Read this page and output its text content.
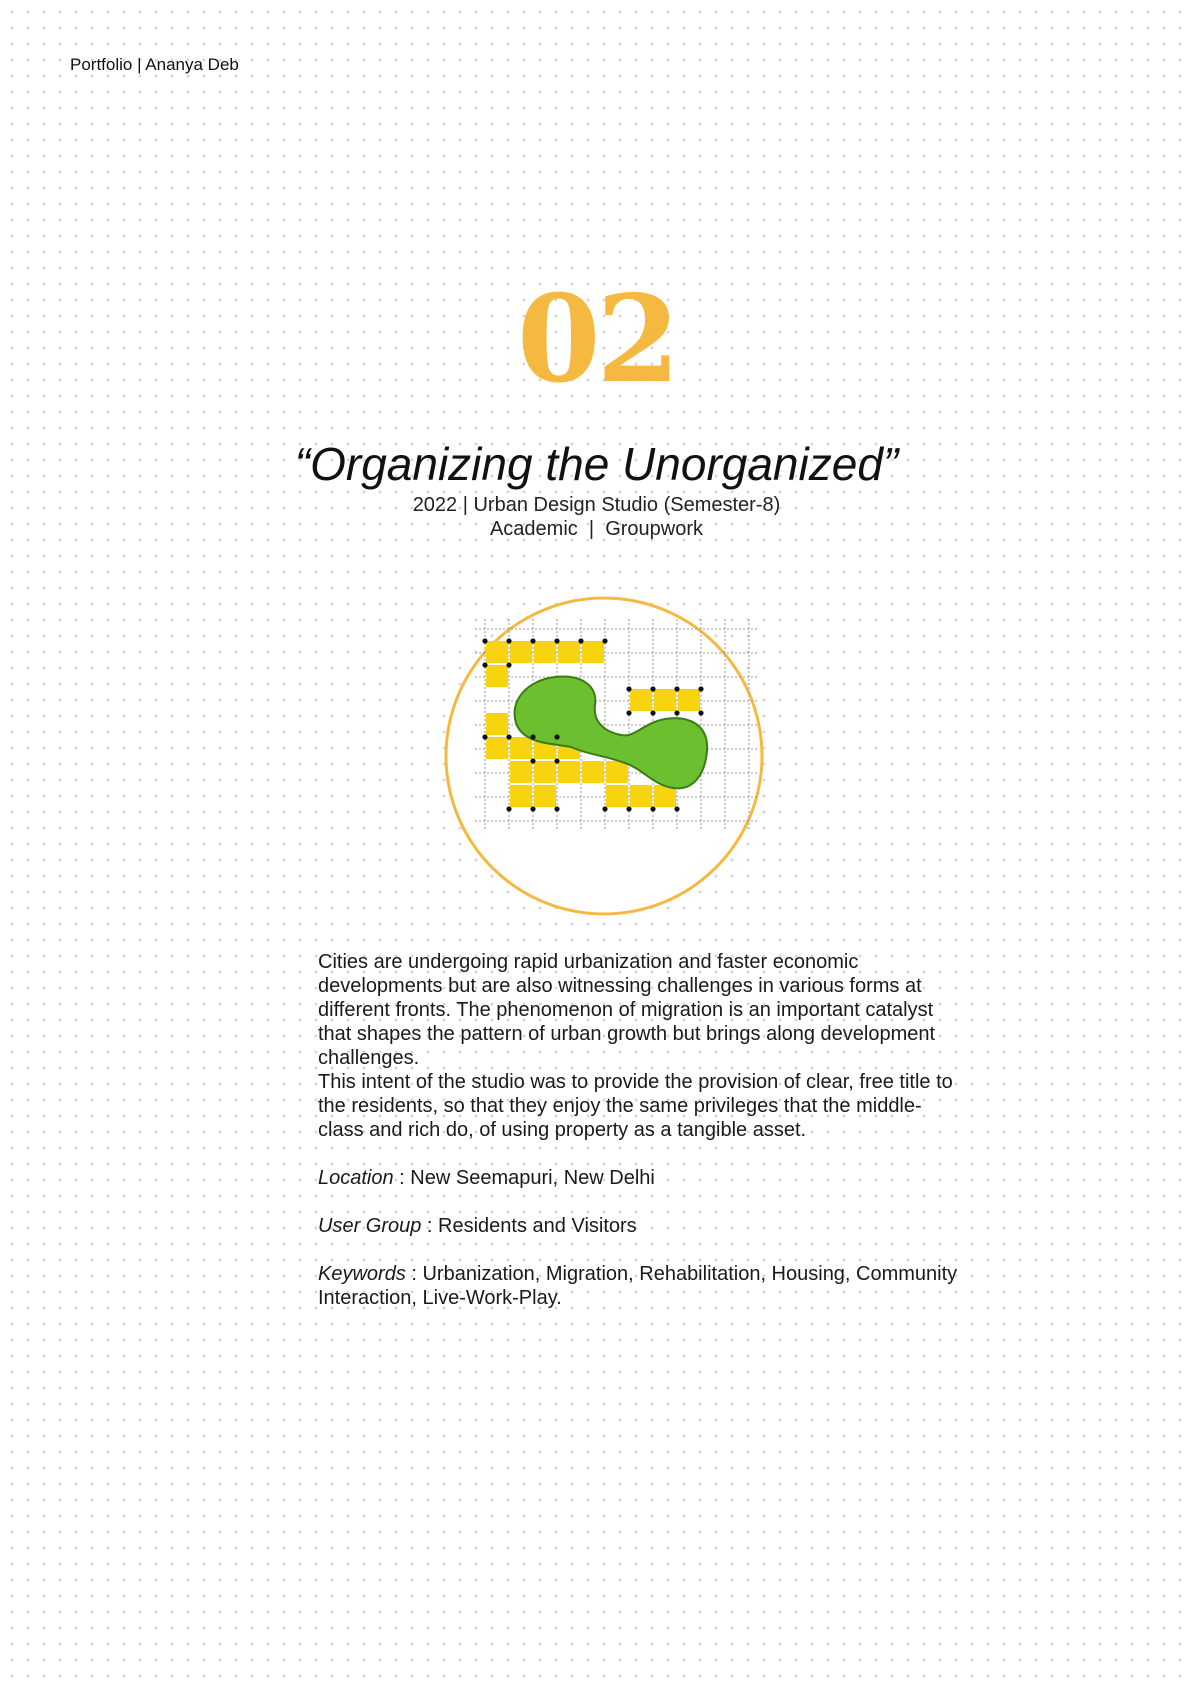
Portfolio | Ananya Deb
02
“Organizing the Unorganized”
2022 | Urban Design Studio (Semester-8)
Academic  |  Groupwork

Cities are undergoing rapid urbanization and faster economic developments but are also witnessing challenges in various forms at different fronts. The phenomenon of migration is an important catalyst that shapes the pattern of urban growth but brings along development challenges.

This intent of the studio was to provide the provision of clear, free title to the residents, so that they enjoy the same privileges that the middle-class and rich do, of using property as a tangible asset.

Location : New Seemapuri, New Delhi

User Group : Residents and Visitors

Keywords : Urbanization, Migration, Rehabilitation, Housing, Community Interaction, Live-Work-Play.
